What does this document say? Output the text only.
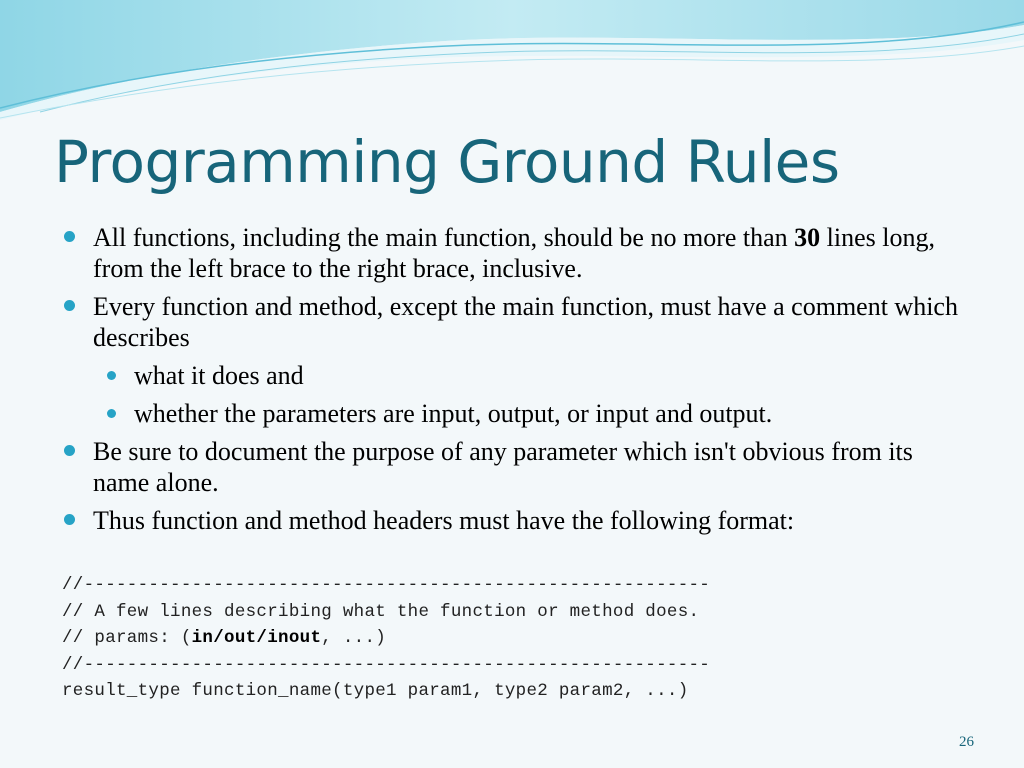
Programming Ground Rules

All functions, including the main function, should be no more than 30 lines long, from the left brace to the right brace, inclusive.

Every function and method, except the main function, must have a comment which describes

what it does and

whether the parameters are input, output, or input and output.

Be sure to document the purpose of any parameter which isn't obvious from its name alone.

Thus function and method headers must have the following format:

//----------------------------------------------------------
// A few lines describing what the function or method does.
// params: (in/out/inout, ...)
//----------------------------------------------------------
result_type function_name(type1 param1, type2 param2, ...)
26
